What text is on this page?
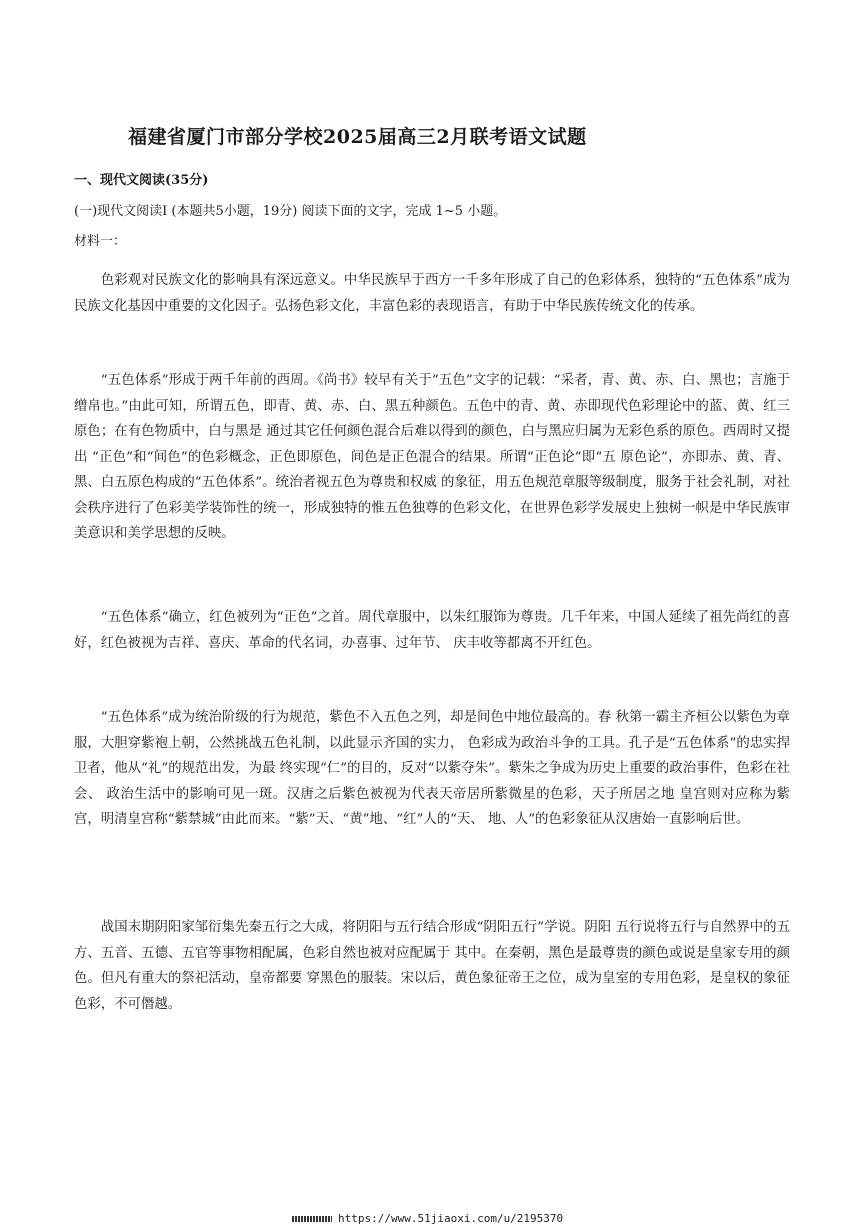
福建省厦门市部分学校2025届高三2月联考语文试题
一、现代文阅读(35分)
(一)现代文阅读Ⅰ (本题共5小题，19分) 阅读下面的文字，完成 1~5 小题。
材料一：

色彩观对民族文化的影响具有深远意义。中华民族早于西方一千多年形成了自己的色彩体系，独特的“五色体系”成为民族文化基因中重要的文化因子。弘扬色彩文化，丰富色彩的表现语言，有助于中华民族传统文化的传承。

“五色体系”形成于两千年前的西周。《尚书》较早有关于“五色”文字的记载：“采者，青、黄、赤、白、黑也；言施于缯帛也。”由此可知，所谓五色，即青、黄、赤、白、黑五种颜色。五色中的青、黄、赤即现代色彩理论中的蓝、黄、红三原色；在有色物质中，白与黑是 通过其它任何颜色混合后难以得到的颜色，白与黑应归属为无彩色系的原色。西周时又提出 “正色”和“间色”的色彩概念，正色即原色，间色是正色混合的结果。所谓“正色论”即“五 原色论”，亦即赤、黄、青、黑、白五原色构成的“五色体系”。统治者视五色为尊贵和权威 的象征，用五色规范章服等级制度，服务于社会礼制，对社会秩序进行了色彩美学装饰性的统一，形成独特的惟五色独尊的色彩文化，在世界色彩学发展史上独树一帜是中华民族审美意识和美学思想的反映。

“五色体系”确立，红色被列为“正色”之首。周代章服中，以朱红服饰为尊贵。几千年来，中国人延续了祖先尚红的喜好，红色被视为吉祥、喜庆、革命的代名词，办喜事、过年节、 庆丰收等都离不开红色。

“五色体系”成为统治阶级的行为规范，紫色不入五色之列，却是间色中地位最高的。春 秋第一霸主齐桓公以紫色为章服，大胆穿紫袍上朝，公然挑战五色礼制，以此显示齐国的实力， 色彩成为政治斗争的工具。孔子是“五色体系”的忠实捍卫者，他从“礼”的规范出发，为最 终实现“仁”的目的，反对“以紫夺朱”。紫朱之争成为历史上重要的政治事件，色彩在社会、 政治生活中的影响可见一斑。汉唐之后紫色被视为代表天帝居所紫微星的色彩，天子所居之地 皇宫则对应称为紫宫，明清皇宫称“紫禁城”由此而来。“紫”天、“黄”地、“红”人的“天、 地、人”的色彩象征从汉唐始一直影响后世。

战国末期阴阳家邹衍集先秦五行之大成，将阴阳与五行结合形成“阴阳五行”学说。阴阳 五行说将五行与自然界中的五方、五音、五德、五官等事物相配属，色彩自然也被对应配属于 其中。在秦朝，黑色是最尊贵的颜色或说是皇家专用的颜色。但凡有重大的祭祀活动，皇帝都要 穿黑色的服装。宋以后，黄色象征帝王之位，成为皇室的专用色彩，是皇权的象征色彩，不可僭越。

https://www.51jiaoxi.com/u/2195370
